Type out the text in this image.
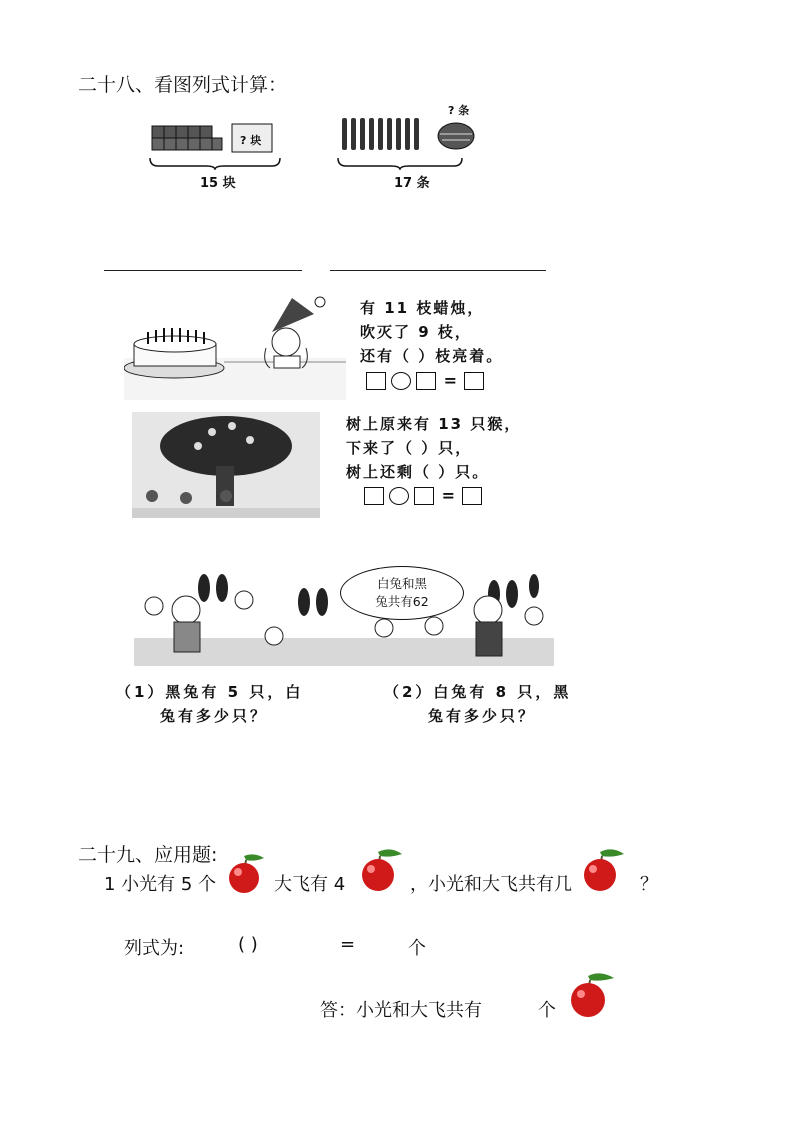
二十八、看图列式计算：
? 块
15 块
? 条
17 条
有 11 枝蜡烛，
吹灭了 9 枝，
还有（ ）枝亮着。
=
树上原来有 13 只猴，
下来了（ ）只，
树上还剩（ ）只。
=
白兔和黑
兔共有62
（1）黑兔有 5 只，白
兔有多少只？
（2）白兔有 8 只，黑
兔有多少只？
二十九、应用题:
1 小光有 5 个	大飞有 4	，小光和大飞共有几	？
列式为:	( )	=	个
答：小光和大飞共有	个
